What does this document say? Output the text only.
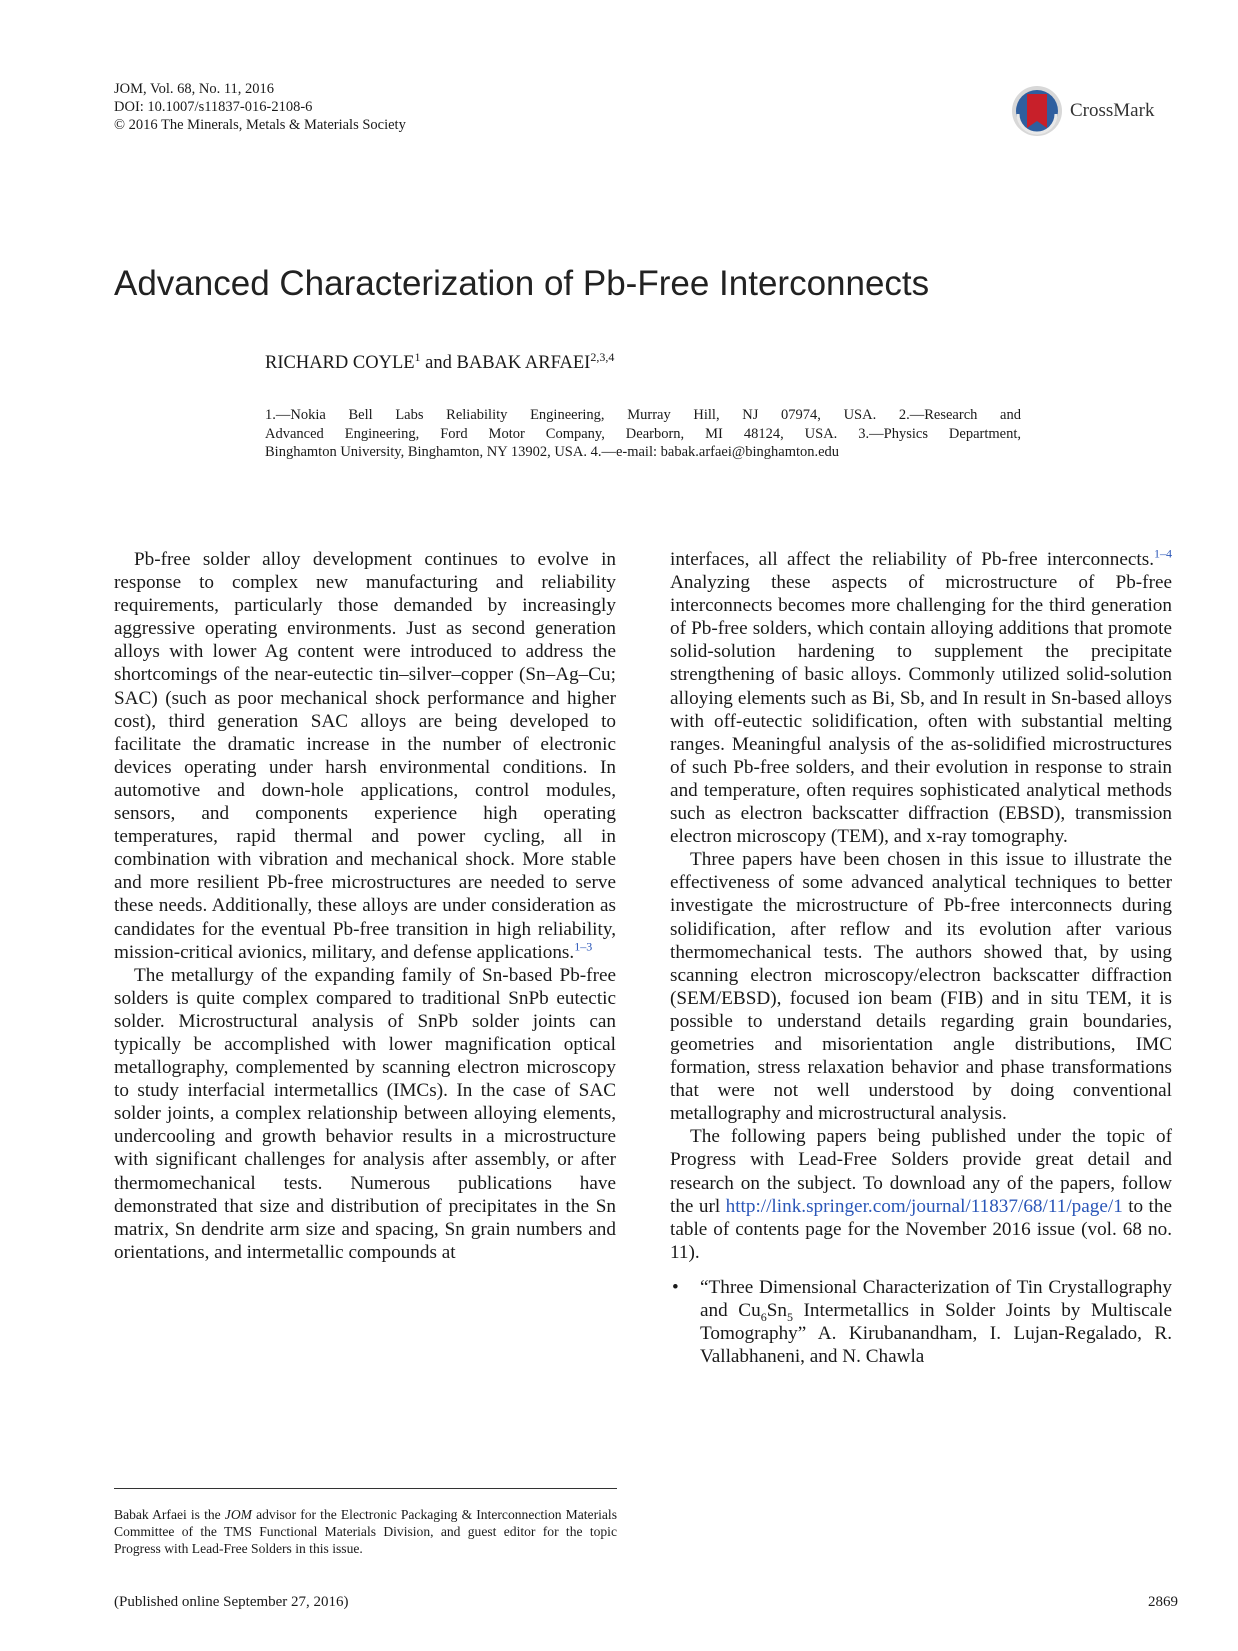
JOM, Vol. 68, No. 11, 2016
DOI: 10.1007/s11837-016-2108-6
© 2016 The Minerals, Metals & Materials Society
CrossMark
Advanced Characterization of Pb-Free Interconnects
RICHARD COYLE$^1$ and BABAK ARFAEI$^{2,3,4}$
1.—Nokia Bell Labs Reliability Engineering, Murray Hill, NJ 07974, USA. 2.—Research and
Advanced Engineering, Ford Motor Company, Dearborn, MI 48124, USA. 3.—Physics Department,
Binghamton University, Binghamton, NY 13902, USA. 4.—e-mail: babak.arfaei@binghamton.edu

Pb-free solder alloy development continues to evolve in response to complex new manufacturing and reliability requirements, particularly those demanded by increasingly aggressive operating environments. Just as second generation alloys with lower Ag content were introduced to address the shortcomings of the near-eutectic tin–silver–copper (Sn–Ag–Cu; SAC) (such as poor mechanical shock performance and higher cost), third generation SAC alloys are being developed to facilitate the dramatic increase in the number of electronic devices operating under harsh environmental conditions. In automotive and down-hole applications, control modules, sensors, and components experience high operating temperatures, rapid thermal and power cycling, all in combination with vibration and mechanical shock. More stable and more resilient Pb-free microstructures are needed to serve these needs. Additionally, these alloys are under consideration as candidates for the eventual Pb-free transition in high reliability, mission-critical avionics, military, and defense applications.$^{1-3}$

The metallurgy of the expanding family of Sn-based Pb-free solders is quite complex compared to traditional SnPb eutectic solder. Microstructural analysis of SnPb solder joints can typically be accomplished with lower magnification optical metallography, complemented by scanning electron microscopy to study interfacial intermetallics (IMCs). In the case of SAC solder joints, a complex relationship between alloying elements, undercooling and growth behavior results in a microstructure with significant challenges for analysis after assembly, or after thermomechanical tests. Numerous publications have demonstrated that size and distribution of precipitates in the Sn matrix, Sn dendrite arm size and spacing, Sn grain numbers and orientations, and intermetallic compounds at

interfaces, all affect the reliability of Pb-free interconnects.$^{1-4}$ Analyzing these aspects of microstructure of Pb-free interconnects becomes more challenging for the third generation of Pb-free solders, which contain alloying additions that promote solid-solution hardening to supplement the precipitate strengthening of basic alloys. Commonly utilized solid-solution alloying elements such as Bi, Sb, and In result in Sn-based alloys with off-eutectic solidification, often with substantial melting ranges. Meaningful analysis of the as-solidified microstructures of such Pb-free solders, and their evolution in response to strain and temperature, often requires sophisticated analytical methods such as electron backscatter diffraction (EBSD), transmission electron microscopy (TEM), and x-ray tomography.

Three papers have been chosen in this issue to illustrate the effectiveness of some advanced analytical techniques to better investigate the microstructure of Pb-free interconnects during solidification, after reflow and its evolution after various thermomechanical tests. The authors showed that, by using scanning electron microscopy/electron backscatter diffraction (SEM/EBSD), focused ion beam (FIB) and in situ TEM, it is possible to understand details regarding grain boundaries, geometries and misorientation angle distributions, IMC formation, stress relaxation behavior and phase transformations that were not well understood by doing conventional metallography and microstructural analysis.

The following papers being published under the topic of Progress with Lead-Free Solders provide great detail and research on the subject. To download any of the papers, follow the url http://link.springer.com/journal/11837/68/11/page/1 to the table of contents page for the November 2016 issue (vol. 68 no. 11).

• “Three Dimensional Characterization of Tin Crystallography and $Cu_6Sn_5$ Intermetallics in Solder Joints by Multiscale Tomography” A. Kirubanandham, I. Lujan-Regalado, R. Vallabhaneni, and N. Chawla
Babak Arfaei is the JOM advisor for the Electronic Packaging & Interconnection Materials Committee of the TMS Functional Materials Division, and guest editor for the topic Progress with Lead-Free Solders in this issue.
(Published online September 27, 2016)	2869
